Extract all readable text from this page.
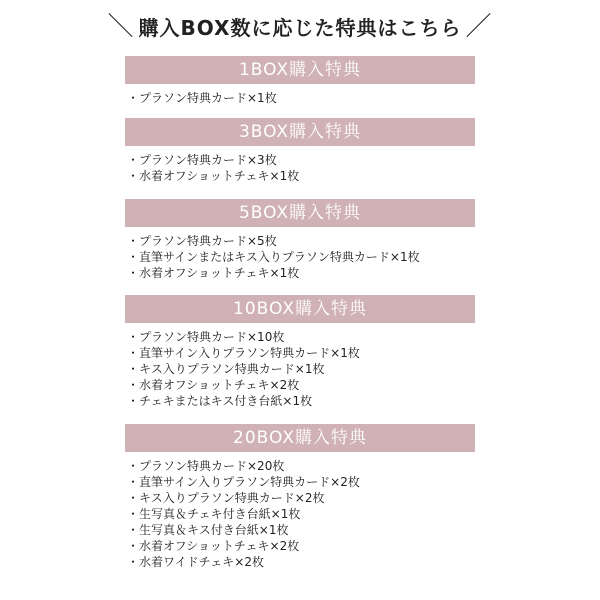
＼ 購入BOX数に応じた特典はこちら ／
1BOX購入特典
・プラソン特典カード×1枚
3BOX購入特典
・プラソン特典カード×3枚
・水着オフショットチェキ×1枚
5BOX購入特典
・プラソン特典カード×5枚
・直筆サインまたはキス入りプラソン特典カード×1枚
・水着オフショットチェキ×1枚
10BOX購入特典
・プラソン特典カード×10枚
・直筆サイン入りプラソン特典カード×1枚
・キス入りプラソン特典カード×1枚
・水着オフショットチェキ×2枚
・チェキまたはキス付き台紙×1枚
20BOX購入特典
・プラソン特典カード×20枚
・直筆サイン入りプラソン特典カード×2枚
・キス入りプラソン特典カード×2枚
・生写真＆チェキ付き台紙×1枚
・生写真＆キス付き台紙×1枚
・水着オフショットチェキ×2枚
・水着ワイドチェキ×2枚
